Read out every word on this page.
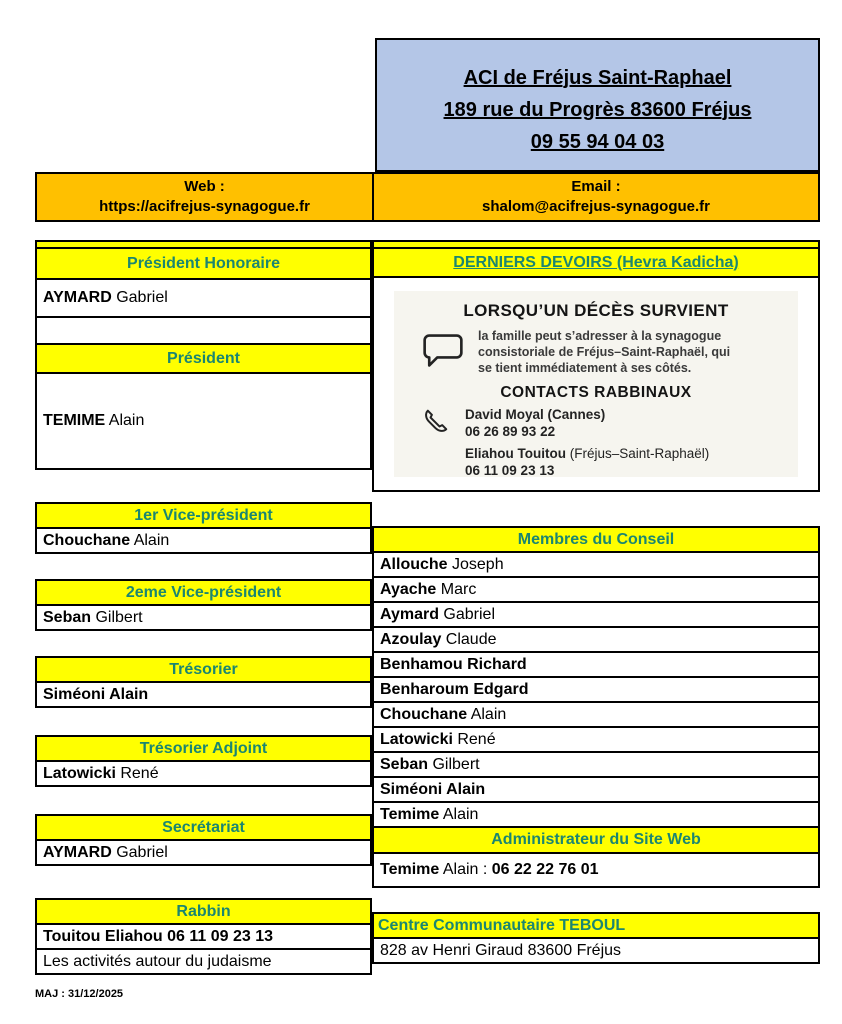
ACI de Fréjus Saint-Raphael
189 rue du Progrès 83600 Fréjus
09 55 94 04 03
Web :
https://acifrejus-synagogue.fr
Email :
shalom@acifrejus-synagogue.fr
Président Honoraire
AYMARD Gabriel
Président
TEMIME Alain
1er Vice-président
Chouchane Alain
2eme Vice-président
Seban Gilbert
Trésorier
Siméoni Alain
Trésorier Adjoint
Latowicki René
Secrétariat
AYMARD Gabriel
Rabbin
Touitou Eliahou 06 11 09 23 13
Les activités autour du judaisme
DERNIERS DEVOIRS (Hevra Kadicha)
LORSQU’UN DÉCÈS SURVIENT
la famille peut s’adresser à la synagogue consistoriale de Fréjus–Saint-Raphaël, qui se tient immédiatement à ses côtés.
CONTACTS RABBINAUX
David Moyal (Cannes)
06 26 89 93 22
Eliahou Touitou (Fréjus–Saint-Raphaël)
06 11 09 23 13
Membres du Conseil
Allouche Joseph
Ayache Marc
Aymard Gabriel
Azoulay Claude
Benhamou Richard
Benharoum Edgard
Chouchane Alain
Latowicki René
Seban Gilbert
Siméoni Alain
Temime Alain
Administrateur du Site Web
Temime Alain : 06 22 22 76 01
Centre Communautaire TEBOUL
828 av Henri Giraud 83600 Fréjus
MAJ : 31/12/2025
